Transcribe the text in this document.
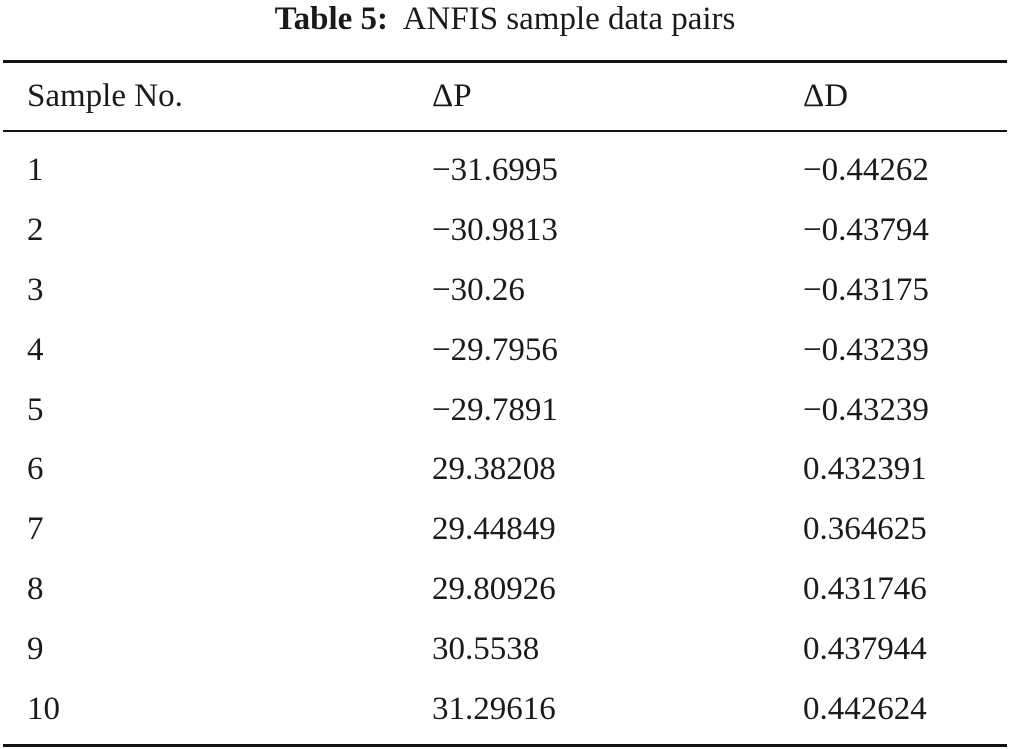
Table 5: ANFIS sample data pairs
Sample No.	ΔP	ΔD
1	−31.6995	−0.44262
2	−30.9813	−0.43794
3	−30.26	−0.43175
4	−29.7956	−0.43239
5	−29.7891	−0.43239
6	29.38208	0.432391
7	29.44849	0.364625
8	29.80926	0.431746
9	30.5538	0.437944
10	31.29616	0.442624
